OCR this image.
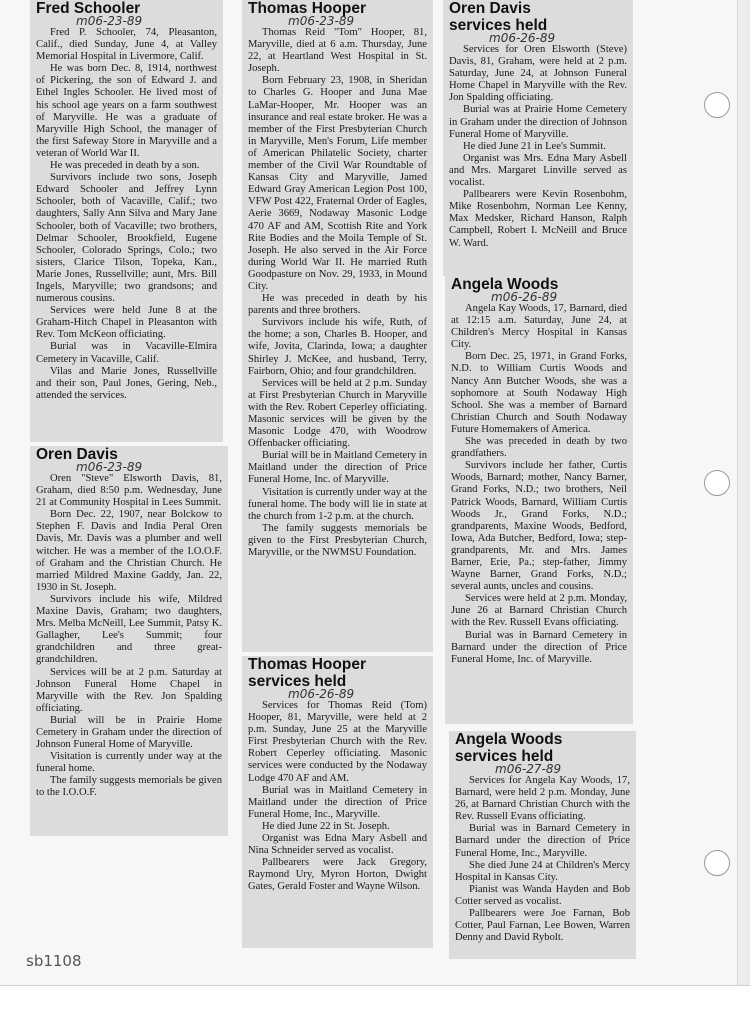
Fred Schooler
m06-23-89

Fred P. Schooler, 74, Pleasanton, Calif., died Sunday, June 4, at Valley Memorial Hospital in Livermore, Calif.

He was born Dec. 8, 1914, northwest of Pickering, the son of Edward J. and Ethel Ingles Schooler. He lived most of his school age years on a farm southwest of Maryville. He was a graduate of Maryville High School, the manager of the first Safeway Store in Maryville and a veteran of World War II.

He was preceded in death by a son.

Survivors include two sons, Joseph Edward Schooler and Jeffrey Lynn Schooler, both of Vacaville, Calif.; two daughters, Sally Ann Silva and Mary Jane Schooler, both of Vacaville; two brothers, Delmar Schooler, Brookfield, Eugene Schooler, Colorado Springs, Colo.; two sisters, Clarice Tilson, Topeka, Kan., Marie Jones, Russellville; aunt, Mrs. Bill Ingels, Maryville; two grandsons; and numerous cousins.

Services were held June 8 at the Graham-Hitch Chapel in Pleasanton with Rev. Tom McKeon officiating.

Burial was in Vacaville-Elmira Cemetery in Vacaville, Calif.

Vilas and Marie Jones, Russellville and their son, Paul Jones, Gering, Neb., attended the services.

Oren Davis
m06-23-89

Oren "Steve" Elsworth Davis, 81, Graham, died 8:50 p.m. Wednesday, June 21 at Community Hospital in Lees Summit.

Born Dec. 22, 1907, near Bolckow to Stephen F. Davis and India Peral Oren Davis, Mr. Davis was a plumber and well witcher. He was a member of the I.O.O.F. of Graham and the Christian Church. He married Mildred Maxine Gaddy, Jan. 22, 1930 in St. Joseph.

Survivors include his wife, Mildred Maxine Davis, Graham; two daughters, Mrs. Melba McNeill, Lee Summit, Patsy K. Gallagher, Lee's Summit; four grandchildren and three great-grandchildren.

Services will be at 2 p.m. Saturday at Johnson Funeral Home Chapel in Maryville with the Rev. Jon Spalding officiating.

Burial will be in Prairie Home Cemetery in Graham under the direction of Johnson Funeral Home of Maryville.

Visitation is currently under way at the funeral home.

The family suggests memorials be given to the I.O.O.F.

Thomas Hooper
m06-23-89

Thomas Reid "Tom" Hooper, 81, Maryville, died at 6 a.m. Thursday, June 22, at Heartland West Hospital in St. Joseph.

Born February 23, 1908, in Sheridan to Charles G. Hooper and Juna Mae LaMar-Hooper, Mr. Hooper was an insurance and real estate broker. He was a member of the First Presbyterian Church in Maryville, Men's Forum, Life member of American Philatelic Society, charter member of the Civil War Roundtable of Kansas City and Maryville, Jamed Edward Gray American Legion Post 100, VFW Post 422, Fraternal Order of Eagles, Aerie 3669, Nodaway Masonic Lodge 470 AF and AM, Scottish Rite and York Rite Bodies and the Moila Temple of St. Joseph. He also served in the Air Force during World War II. He married Ruth Goodpasture on Nov. 29, 1933, in Mound City.

He was preceded in death by his parents and three brothers.

Survivors include his wife, Ruth, of the home; a son, Charles B. Hooper, and wife, Jovita, Clarinda, Iowa; a daughter Shirley J. McKee, and husband, Terry, Fairborn, Ohio; and four grandchildren.

Services will be held at 2 p.m. Sunday at First Presbyterian Church in Maryville with the Rev. Robert Ceperley officiating. Masonic services will be given by the Masonic Lodge 470, with Woodrow Offenbacker officiating.

Burial will be in Maitland Cemetery in Maitland under the direction of Price Funeral Home, Inc. of Maryville.

Visitation is currently under way at the funeral home. The body will lie in state at the church from 1-2 p.m. at the church.

The family suggests memorials be given to the First Presbyterian Church, Maryville, or the NWMSU Foundation.

Thomas Hooper
services held
m06-26-89

Services for Thomas Reid (Tom) Hooper, 81, Maryville, were held at 2 p.m. Sunday, June 25 at the Maryville First Presbyterian Church with the Rev. Robert Ceperley officiating. Masonic services were conducted by the Nodaway Lodge 470 AF and AM.

Burial was in Maitland Cemetery in Maitland under the direction of Price Funeral Home, Inc., Maryville.

He died June 22 in St. Joseph.

Organist was Edna Mary Asbell and Nina Schneider served as vocalist.

Pallbearers were Jack Gregory, Raymond Ury, Myron Horton, Dwight Gates, Gerald Foster and Wayne Wilson.

Oren Davis
services held
m06-26-89

Services for Oren Elsworth (Steve) Davis, 81, Graham, were held at 2 p.m. Saturday, June 24, at Johnson Funeral Home Chapel in Maryville with the Rev. Jon Spalding officiating.

Burial was at Prairie Home Cemetery in Graham under the direction of Johnson Funeral Home of Maryville.

He died June 21 in Lee's Summit.

Organist was Mrs. Edna Mary Asbell and Mrs. Margaret Linville served as vocalist.

Pallbearers were Kevin Rosenbohm, Mike Rosenbohm, Norman Lee Kenny, Max Medsker, Richard Hanson, Ralph Campbell, Robert I. McNeill and Bruce W. Ward.

Angela Woods
m06-26-89

Angela Kay Woods, 17, Barnard, died at 12:15 a.m. Saturday, June 24, at Children's Mercy Hospital in Kansas City.

Born Dec. 25, 1971, in Grand Forks, N.D. to William Curtis Woods and Nancy Ann Butcher Woods, she was a sophomore at South Nodaway High School. She was a member of Barnard Christian Church and South Nodaway Future Homemakers of America.

She was preceded in death by two grandfathers.

Survivors include her father, Curtis Woods, Barnard; mother, Nancy Barner, Grand Forks, N.D.; two brothers, Neil Patrick Woods, Barnard, William Curtis Woods Jr., Grand Forks, N.D.; grandparents, Maxine Woods, Bedford, Iowa, Ada Butcher, Bedford, Iowa; step-grandparents, Mr. and Mrs. James Barner, Erie, Pa.; step-father, Jimmy Wayne Barner, Grand Forks, N.D.; several aunts, uncles and cousins.

Services were held at 2 p.m. Monday, June 26 at Barnard Christian Church with the Rev. Russell Evans officiating.

Burial was in Barnard Cemetery in Barnard under the direction of Price Funeral Home, Inc. of Maryville.

Angela Woods
services held
m06-27-89

Services for Angela Kay Woods, 17, Barnard, were held 2 p.m. Monday, June 26, at Barnard Christian Church with the Rev. Russell Evans officiating.

Burial was in Barnard Cemetery in Barnard under the direction of Price Funeral Home, Inc., Maryville.

She died June 24 at Children's Mercy Hospital in Kansas City.

Pianist was Wanda Hayden and Bob Cotter served as vocalist.

Pallbearers were Joe Farnan, Bob Cotter, Paul Farnan, Lee Bowen, Warren Denny and David Rybolt.

sb1108
